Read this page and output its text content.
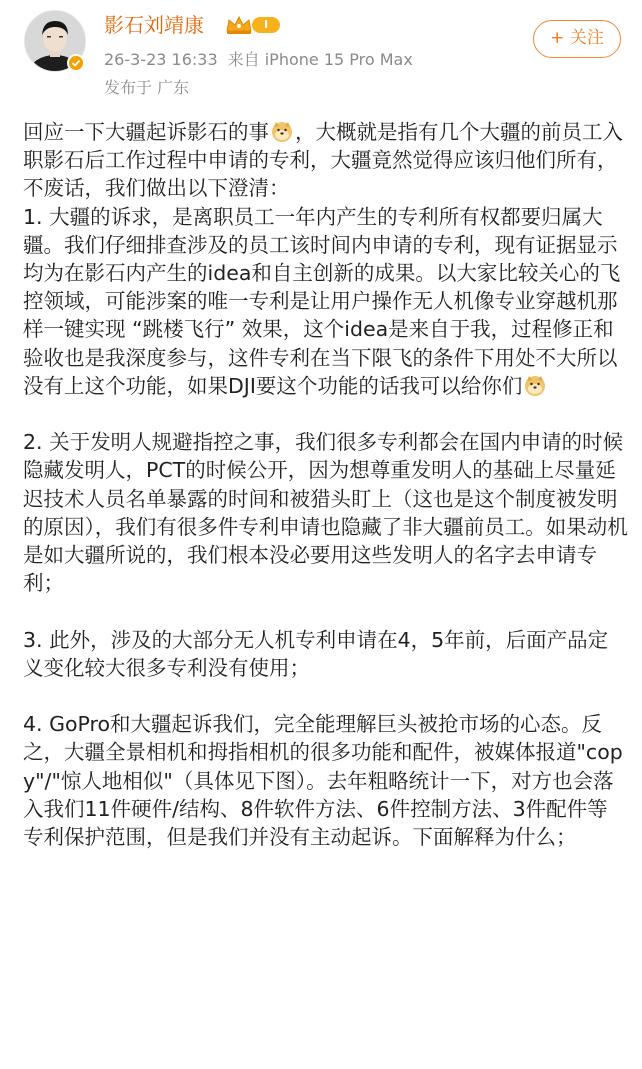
影石刘靖康	I
26-3-23 16:33 来自 iPhone 15 Pro Max
发布于 广东
+ 关注

回应一下大疆起诉影石的事 ，大概就是指有几个大疆的前员工入职影石后工作过程中申请的专利，大疆竟然觉得应该归他们所有，不废话，我们做出以下澄清：

1. 大疆的诉求，是离职员工一年内产生的专利所有权都要归属大疆。我们仔细排查涉及的员工该时间内申请的专利，现有证据显示均为在影石内产生的idea和自主创新的成果。以大家比较关心的飞控领域，可能涉案的唯一专利是让用户操作无人机像专业穿越机那样一键实现 “跳楼飞行” 效果，这个idea是来自于我，过程修正和验收也是我深度参与，这件专利在当下限飞的条件下用处不大所以没有上这个功能，如果DJI要这个功能的话我可以给你们

2. 关于发明人规避指控之事，我们很多专利都会在国内申请的时候隐藏发明人，PCT的时候公开，因为想尊重发明人的基础上尽量延迟技术人员名单暴露的时间和被猎头盯上（这也是这个制度被发明的原因），我们有很多件专利申请也隐藏了非大疆前员工。如果动机是如大疆所说的，我们根本没必要用这些发明人的名字去申请专利；

3. 此外，涉及的大部分无人机专利申请在4，5年前，后面产品定义变化较大很多专利没有使用；

4. GoPro和大疆起诉我们，完全能理解巨头被抢市场的心态。反之，大疆全景相机和拇指相机的很多功能和配件，被媒体报道"copy"/"惊人地相似"（具体见下图）。去年粗略统计一下，对方也会落入我们11件硬件/结构、8件软件方法、6件控制方法、3件配件等专利保护范围，但是我们并没有主动起诉。下面解释为什么；
